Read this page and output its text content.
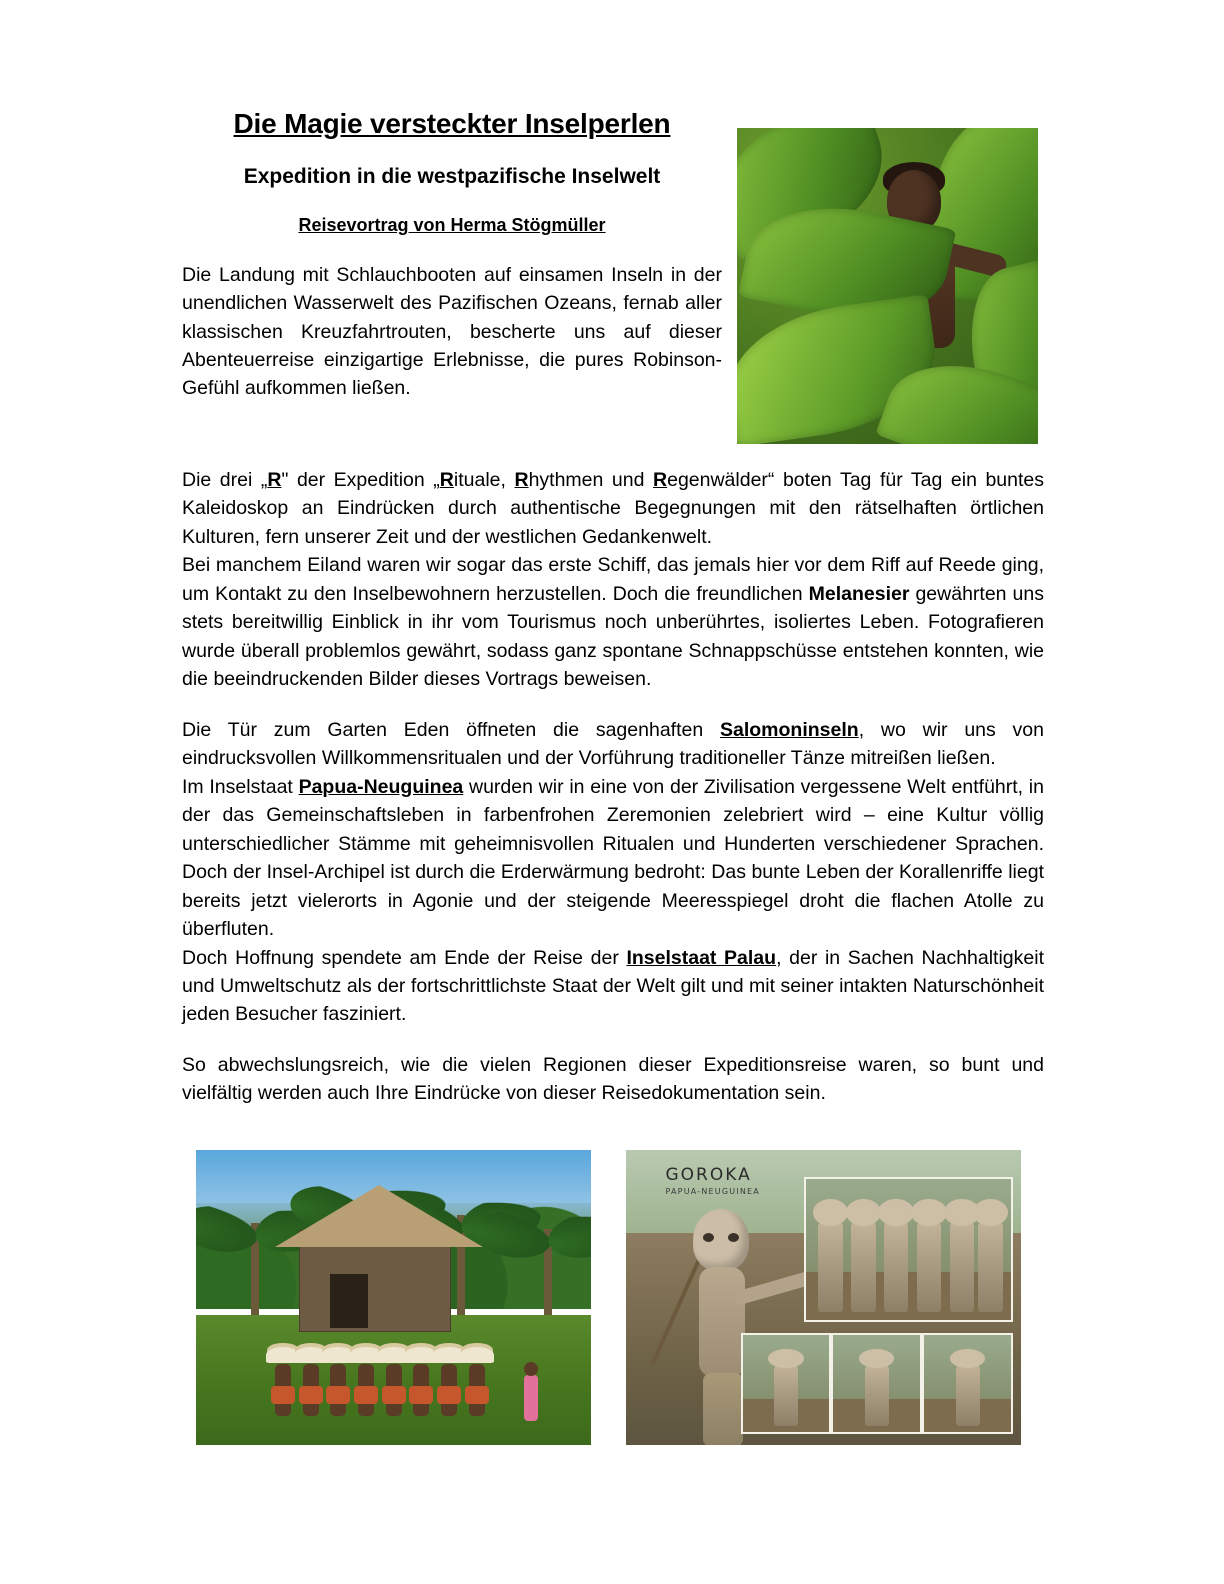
Die Magie versteckter Inselperlen
Expedition in die westpazifische Inselwelt
Reisevortrag von Herma Stögmüller

Die Landung mit Schlauchbooten auf einsamen Inseln in der unendlichen Wasserwelt des Pazifischen Ozeans, fernab aller klassischen Kreuzfahrtrouten, bescherte uns auf dieser Abenteuerreise einzigartige Erlebnisse, die pures Robinson-Gefühl aufkommen ließen.

Die drei „R" der Expedition „Rituale, Rhythmen und Regenwälder“ boten Tag für Tag ein buntes Kaleidoskop an Eindrücken durch authentische Begegnungen mit den rätselhaften örtlichen Kulturen, fern unserer Zeit und der westlichen Gedankenwelt.

Bei manchem Eiland waren wir sogar das erste Schiff, das jemals hier vor dem Riff auf Reede ging, um Kontakt zu den Inselbewohnern herzustellen. Doch die freundlichen Melanesier gewährten uns stets bereitwillig Einblick in ihr vom Tourismus noch unberührtes, isoliertes Leben. Fotografieren wurde überall problemlos gewährt, sodass ganz spontane Schnappschüsse entstehen konnten, wie die beeindruckenden Bilder dieses Vortrags beweisen.

Die Tür zum Garten Eden öffneten die sagenhaften Salomoninseln, wo wir uns von eindrucksvollen Willkommensritualen und der Vorführung traditioneller Tänze mitreißen ließen.

Im Inselstaat Papua-Neuguinea wurden wir in eine von der Zivilisation vergessene Welt entführt, in der das Gemeinschaftsleben in farbenfrohen Zeremonien zelebriert wird – eine Kultur völlig unterschiedlicher Stämme mit geheimnisvollen Ritualen und Hunderten verschiedener Sprachen. Doch der Insel-Archipel ist durch die Erderwärmung bedroht: Das bunte Leben der Korallenriffe liegt bereits jetzt vielerorts in Agonie und der steigende Meeresspiegel droht die flachen Atolle zu überfluten.

Doch Hoffnung spendete am Ende der Reise der Inselstaat Palau, der in Sachen Nachhaltigkeit und Umweltschutz als der fortschrittlichste Staat der Welt gilt und mit seiner intakten Naturschönheit jeden Besucher fasziniert.

So abwechslungsreich, wie die vielen Regionen dieser Expeditionsreise waren, so bunt und vielfältig werden auch Ihre Eindrücke von dieser Reisedokumentation sein.

GOROKA
PAPUA-NEUGUINEA
